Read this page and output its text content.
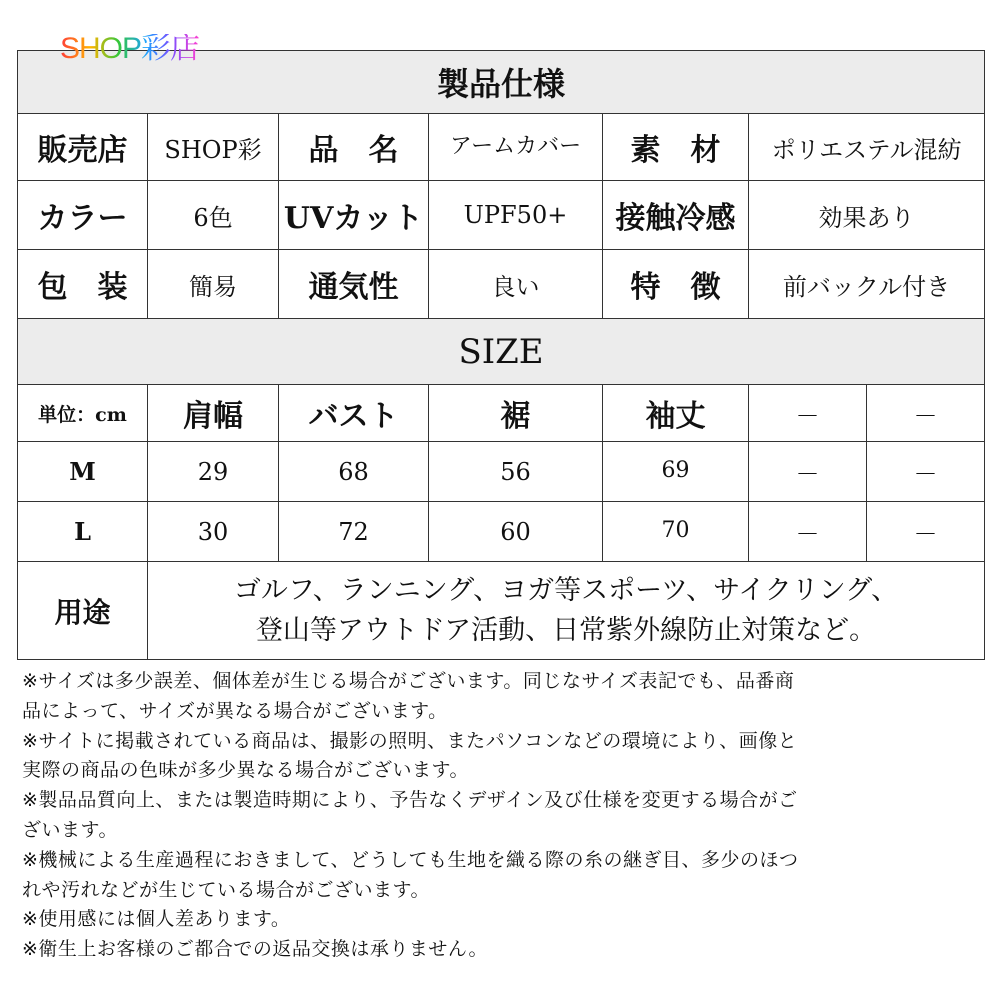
SHOP彩店
製品仕様						
販売店	SHOP彩	品　名	アームカバー	素　材	ポリエステル混紡	
カラー	6色	UVカット	UPF50+	接触冷感	効果あり	
包　装	簡易	通気性	良い	特　徴	前バックル付き	
SIZE						
単位：cm	肩幅	バスト	裾	袖丈	－	－
M	29	68	56	69	－	－
L	30	72	60	70	－	－
用途	ゴルフ、ランニング、ヨガ等スポーツ、サイクリング、
登山等アウトドア活動、日常紫外線防止対策など。					
※サイズは多少誤差、個体差が生じる場合がございます。同じなサイズ表記でも、品番商
品によって、サイズが異なる場合がございます。
※サイトに掲載されている商品は、撮影の照明、またパソコンなどの環境により、画像と
実際の商品の色味が多少異なる場合がございます。
※製品品質向上、または製造時期により、予告なくデザイン及び仕様を変更する場合がご
ざいます。
※機械による生産過程におきまして、どうしても生地を織る際の糸の継ぎ目、多少のほつ
れや汚れなどが生じている場合がございます。
※使用感には個人差あります。
※衛生上お客様のご都合での返品交換は承りません。
